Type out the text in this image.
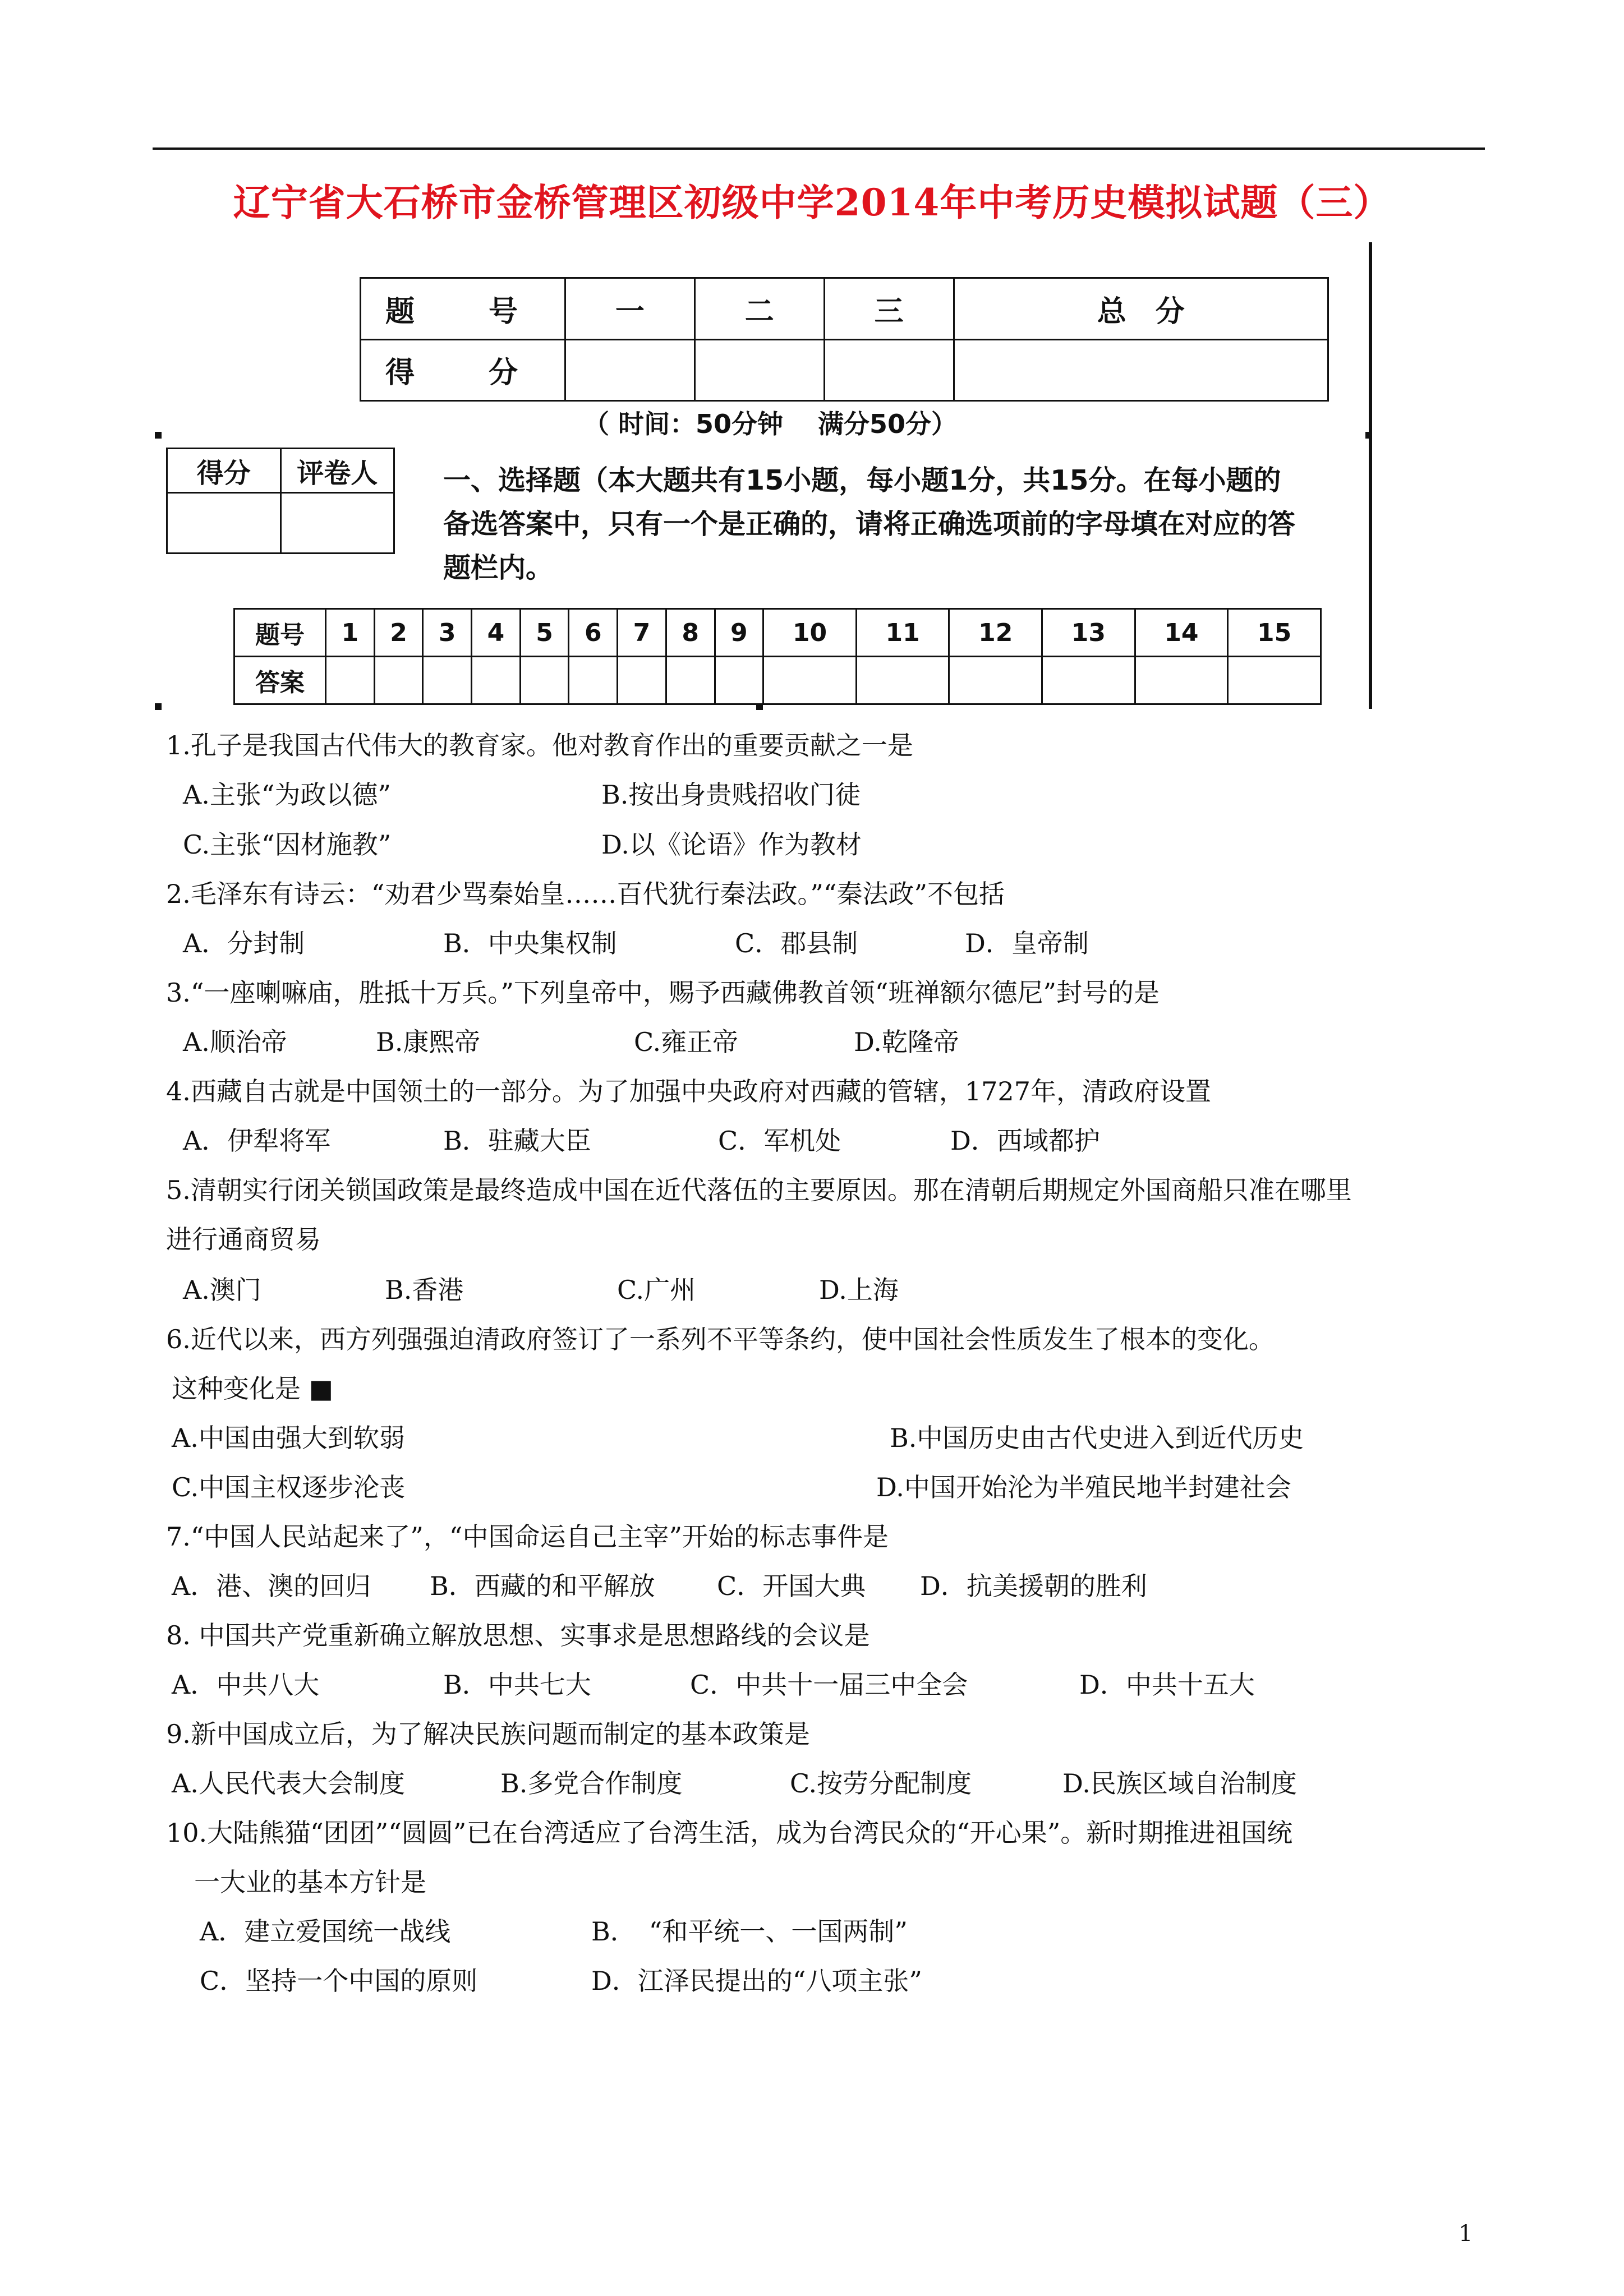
辽宁省大石桥市金桥管理区初级中学2014年中考历史模拟试题（三）
题　号	一	二	三	总　分
得　分				
（ 时间：50分钟　 满分50分）
得分	评卷人
	一、选择题（本大题共有15小题，每小题1分，共15分。在每小题的备选答案中，只有一个是正确的，请将正确选项前的字母填在对应的答题栏内。
题号	1	2	3	4	5	6	7	8	9	10	11	12	13	14	15
答案															
1.孔子是我国古代伟大的教育家。他对教育作出的重要贡献之一是
A.主张“为政以德”	B.按出身贵贱招收门徒
C.主张“因材施教”	D.以《论语》作为教材
2.毛泽东有诗云：“劝君少骂秦始皇……百代犹行秦法政。”“秦法政”不包括
A．分封制	B．中央集权制	C．郡县制	D．皇帝制
3.“一座喇嘛庙，胜抵十万兵。”下列皇帝中，赐予西藏佛教首领“班禅额尔德尼”封号的是
A.顺治帝	B.康熙帝	C.雍正帝	D.乾隆帝
4.西藏自古就是中国领土的一部分。为了加强中央政府对西藏的管辖，1727年，清政府设置
A．伊犁将军	B．驻藏大臣	C．军机处	D．西域都护
5.清朝实行闭关锁国政策是最终造成中国在近代落伍的主要原因。那在清朝后期规定外国商船只准在哪里
进行通商贸易
A.澳门	B.香港	C.广州	D.上海
6.近代以来，西方列强强迫清政府签订了一系列不平等条约，使中国社会性质发生了根本的变化。
这种变化是 ■
A.中国由强大到软弱	B.中国历史由古代史进入到近代历史
C.中国主权逐步沦丧	D.中国开始沦为半殖民地半封建社会
7.“中国人民站起来了”，“中国命运自己主宰”开始的标志事件是
A．港、澳的回归 B．西藏的和平解放 C．开国大典 D．抗美援朝的胜利
8. 中国共产党重新确立解放思想、实事求是思想路线的会议是
A．中共八大	B．中共七大	C．中共十一届三中全会	D．中共十五大
9.新中国成立后，为了解决民族问题而制定的基本政策是
A.人民代表大会制度	B.多党合作制度	C.按劳分配制度	D.民族区域自治制度
10.大陆熊猫“团团”“圆圆”已在台湾适应了台湾生活，成为台湾民众的“开心果”。新时期推进祖国统
一大业的基本方针是
A．建立爱国统一战线	B．　“和平统一、一国两制”
C．坚持一个中国的原则	D．江泽民提出的“八项主张”
1
